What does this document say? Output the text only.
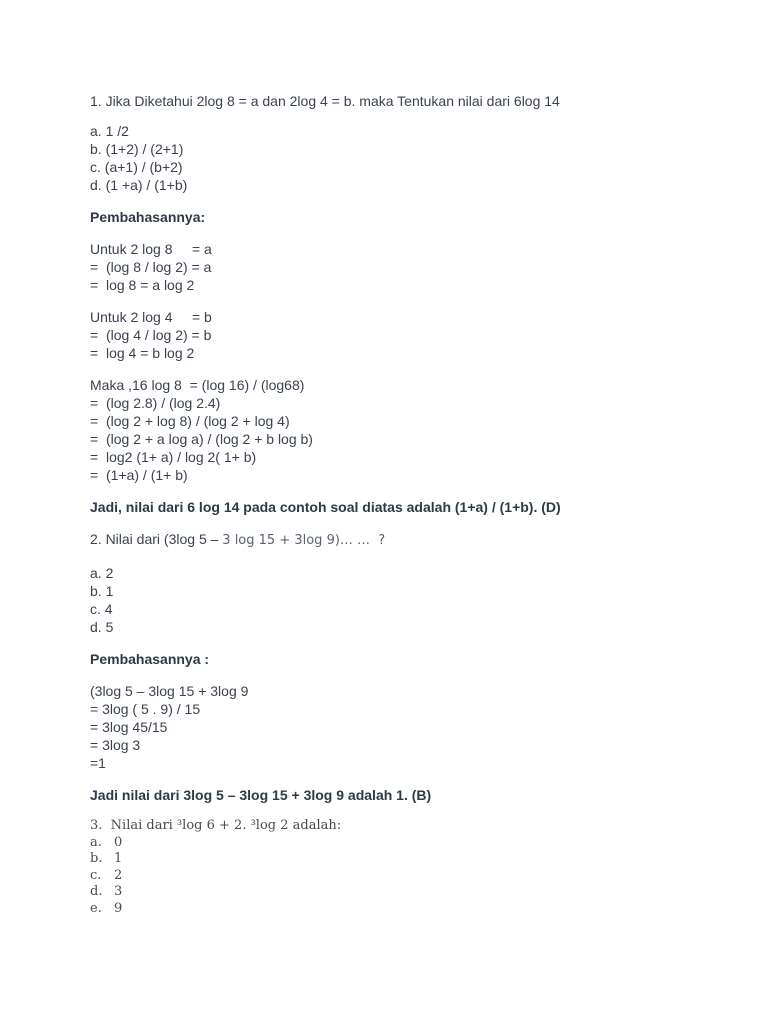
1. Jika Diketahui 2log 8 = a dan 2log 4 = b. maka Tentukan nilai dari 6log 14
a. 1 /2
b. (1+2) / (2+1)
c. (a+1) / (b+2)
d. (1 +a) / (1+b)
Pembahasannya:
Untuk 2 log 8     = a
=  (log 8 / log 2) = a
=  log 8 = a log 2
Untuk 2 log 4     = b
=  (log 4 / log 2) = b
=  log 4 = b log 2
Maka ,16 log 8  = (log 16) / (log68)
=  (log 2.8) / (log 2.4)
=  (log 2 + log 8) / (log 2 + log 4)
=  (log 2 + a log a) / (log 2 + b log b)
=  log2 (1+ a) / log 2( 1+ b)
=  (1+a) / (1+ b)
Jadi, nilai dari 6 log 14 pada contoh soal diatas adalah (1+a) / (1+b). (D)
2. Nilai dari (3log 5 – 3 log 15 + 3log 9)… …  ?
a. 2
b. 1
c. 4
d. 5
Pembahasannya :
(3log 5 – 3log 15 + 3log 9
= 3log ( 5 . 9) / 15
= 3log 45/15
= 3log 3
=1
Jadi nilai dari 3log 5 – 3log 15 + 3log 9 adalah 1. (B)
3.  Nilai dari ³log 6 + 2. ³log 2 adalah:
a. 0
b. 1
c. 2
d. 3
e. 9
